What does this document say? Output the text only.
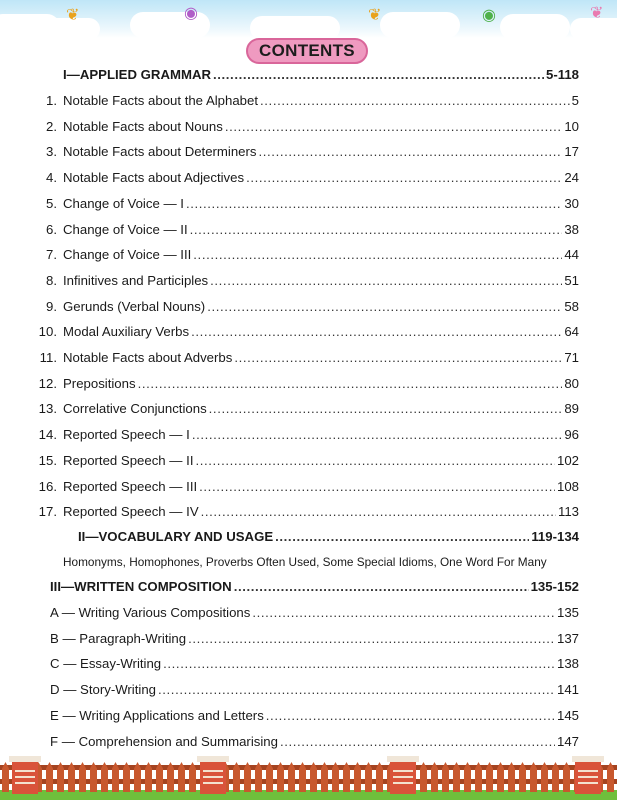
❦	◉	❦	◉	❦
CONTENTS
I—APPLIED GRAMMAR .....	5-118
1. Notable Facts about the Alphabet .....	5
2. Notable Facts about Nouns .....	10
3. Notable Facts about Determiners .....	17
4. Notable Facts about Adjectives .....	24
5. Change of Voice — I .....	30
6. Change of Voice — II .....	38
7. Change of Voice — III .....	44
8. Infinitives and Participles .....	51
9. Gerunds (Verbal Nouns) .....	58
10. Modal Auxiliary Verbs .....	64
11. Notable Facts about Adverbs .....	71
12. Prepositions .....	80
13. Correlative Conjunctions .....	89
14. Reported Speech — I .....	96
15. Reported Speech — II .....	102
16. Reported Speech — III .....	108
17. Reported Speech — IV .....	113
II—VOCABULARY AND USAGE .....	119-134
Homonyms, Homophones, Proverbs Often Used, Some Special Idioms, One Word For Many
III—WRITTEN COMPOSITION .....	135-152
A — Writing Various Compositions .....	135
B — Paragraph-Writing .....	137
C — Essay-Writing .....	138
D — Story-Writing .....	141
E — Writing Applications and Letters .....	145
F — Comprehension and Summarising .....	147
